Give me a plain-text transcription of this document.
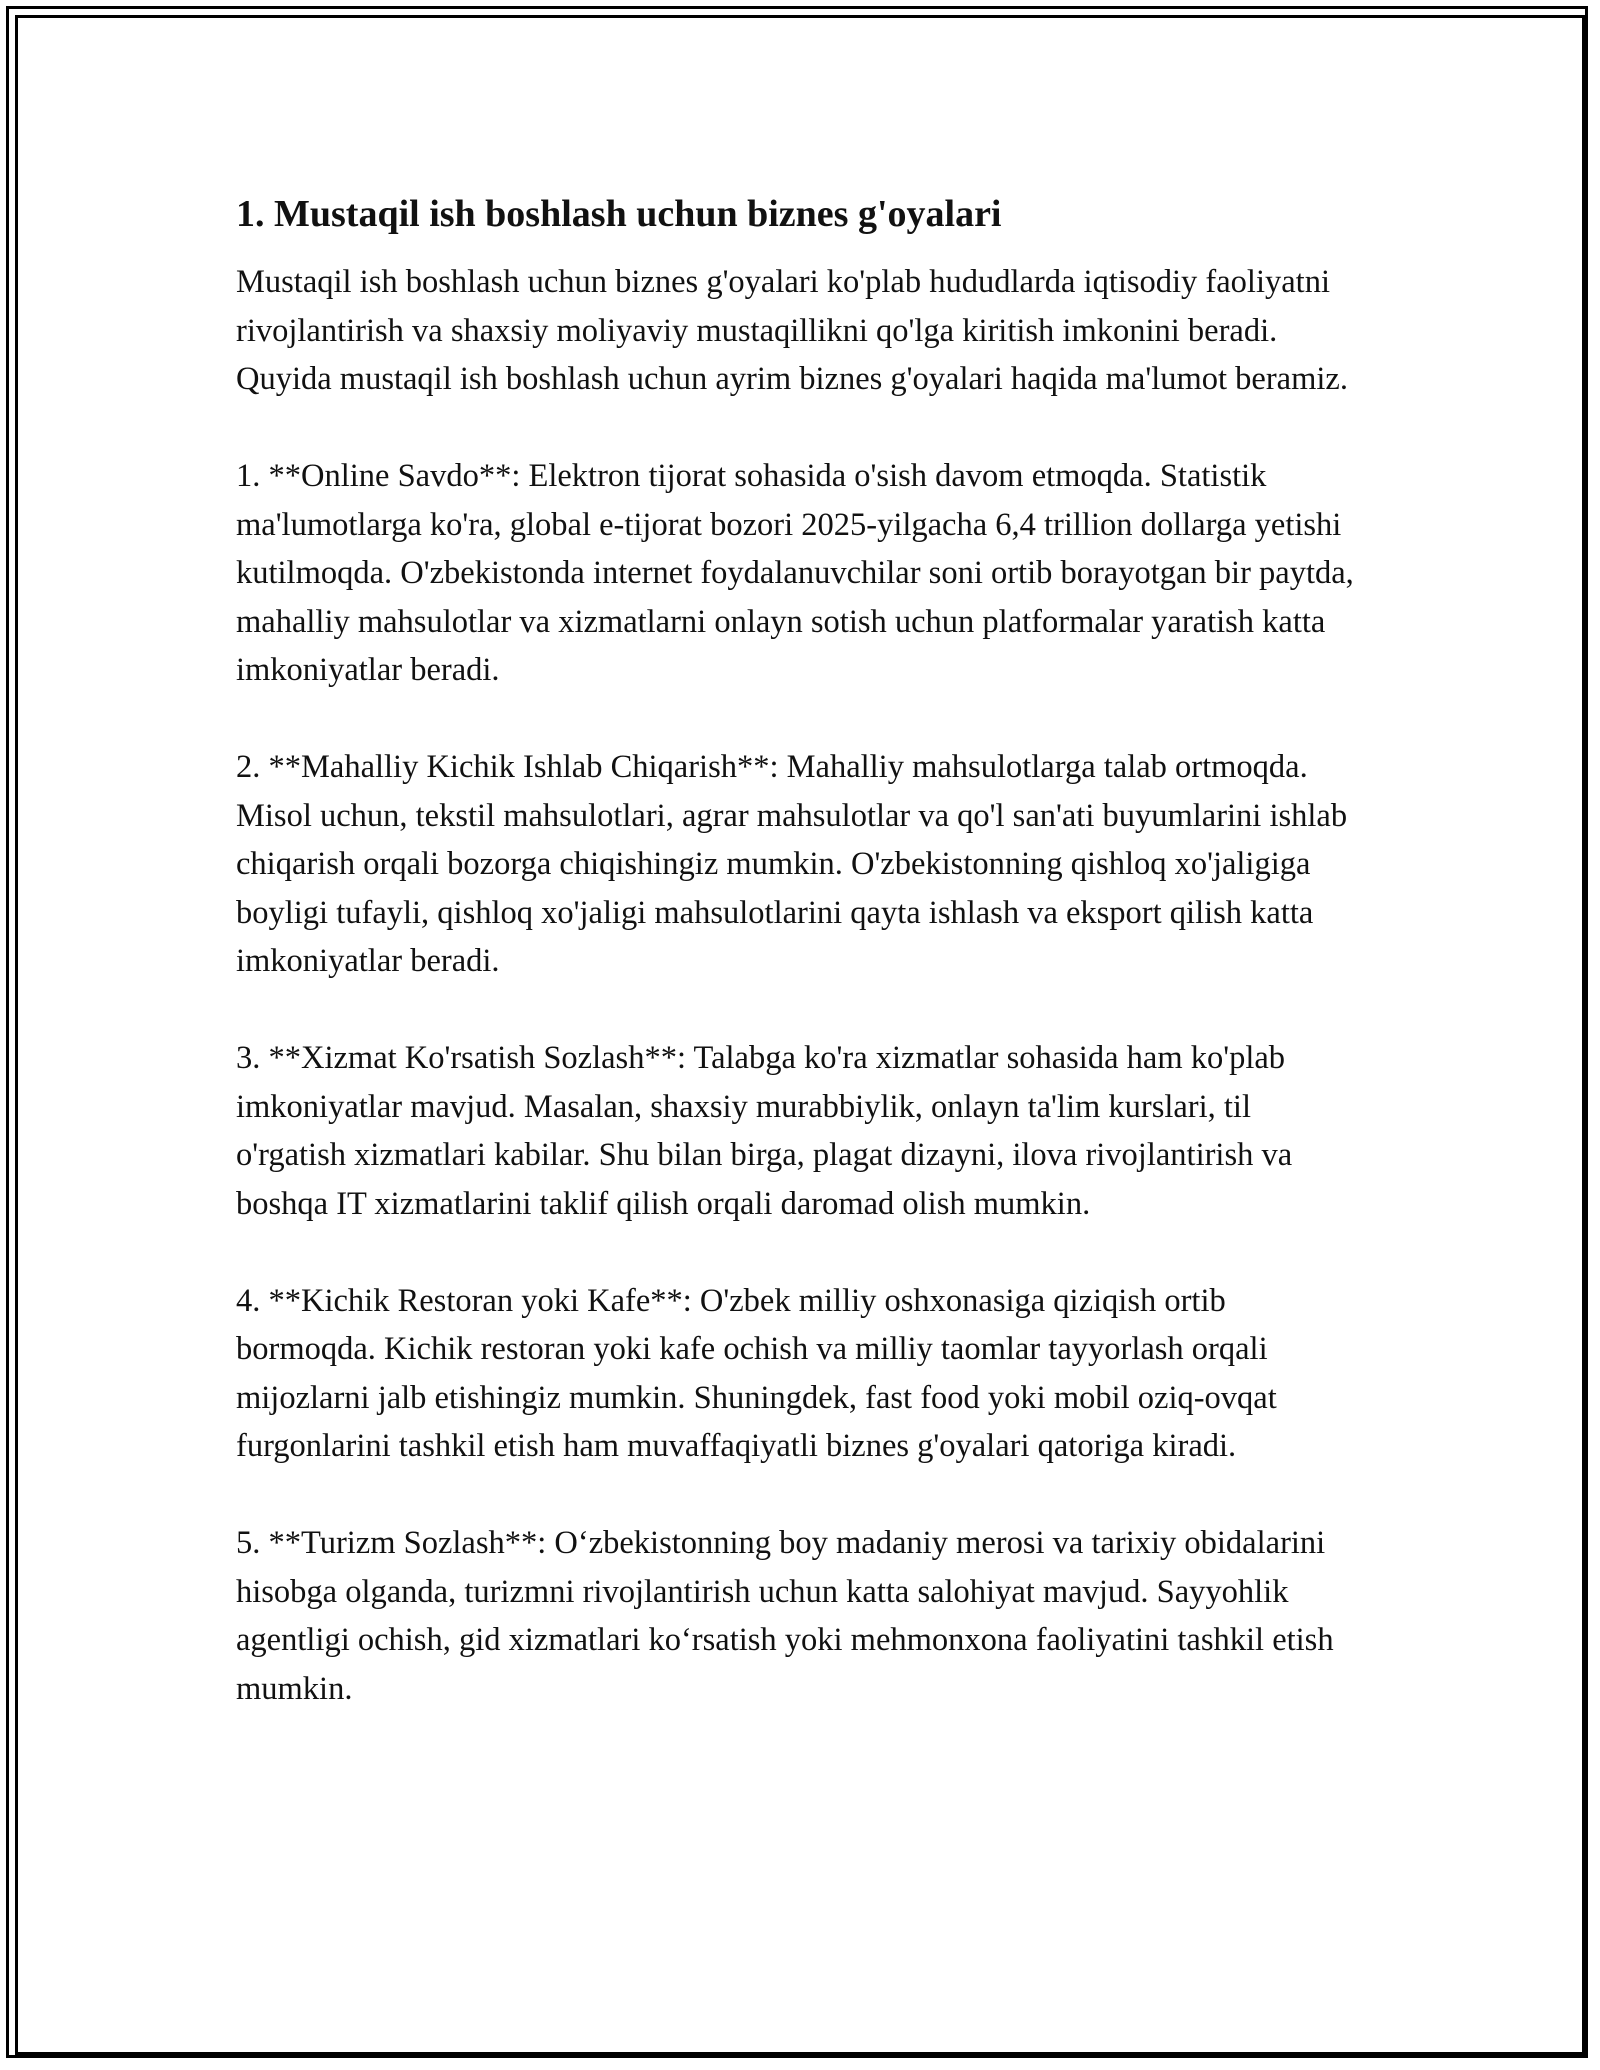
1. Mustaqil ish boshlash uchun biznes g'oyalari

Mustaqil ish boshlash uchun biznes g'oyalari ko'plab hududlarda iqtisodiy faoliyatni rivojlantirish va shaxsiy moliyaviy mustaqillikni qo'lga kiritish imkonini beradi. Quyida mustaqil ish boshlash uchun ayrim biznes g'oyalari haqida ma'lumot beramiz.

1. **Online Savdo**: Elektron tijorat sohasida o'sish davom etmoqda. Statistik ma'lumotlarga ko'ra, global e-tijorat bozori 2025-yilgacha 6,4 trillion dollarga yetishi kutilmoqda. O'zbekistonda internet foydalanuvchilar soni ortib borayotgan bir paytda, mahalliy mahsulotlar va xizmatlarni onlayn sotish uchun platformalar yaratish katta imkoniyatlar beradi.

2. **Mahalliy Kichik Ishlab Chiqarish**: Mahalliy mahsulotlarga talab ortmoqda. Misol uchun, tekstil mahsulotlari, agrar mahsulotlar va qo'l san'ati buyumlarini ishlab chiqarish orqali bozorga chiqishingiz mumkin. O'zbekistonning qishloq xo'jaligiga boyligi tufayli, qishloq xo'jaligi mahsulotlarini qayta ishlash va eksport qilish katta imkoniyatlar beradi.

3. **Xizmat Ko'rsatish Sozlash**: Talabga ko'ra xizmatlar sohasida ham ko'plab imkoniyatlar mavjud. Masalan, shaxsiy murabbiylik, onlayn ta'lim kurslari, til o'rgatish xizmatlari kabilar. Shu bilan birga, plagat dizayni, ilova rivojlantirish va boshqa IT xizmatlarini taklif qilish orqali daromad olish mumkin.

4. **Kichik Restoran yoki Kafe**: O'zbek milliy oshxonasiga qiziqish ortib bormoqda. Kichik restoran yoki kafe ochish va milliy taomlar tayyorlash orqali mijozlarni jalb etishingiz mumkin. Shuningdek, fast food yoki mobil oziq-ovqat furgonlarini tashkil etish ham muvaffaqiyatli biznes g'oyalari qatoriga kiradi.

5. **Turizm Sozlash**: O‘zbekistonning boy madaniy merosi va tarixiy obidalarini hisobga olganda, turizmni rivojlantirish uchun katta salohiyat mavjud. Sayyohlik agentligi ochish, gid xizmatlari ko‘rsatish yoki mehmonxona faoliyatini tashkil etish mumkin.
